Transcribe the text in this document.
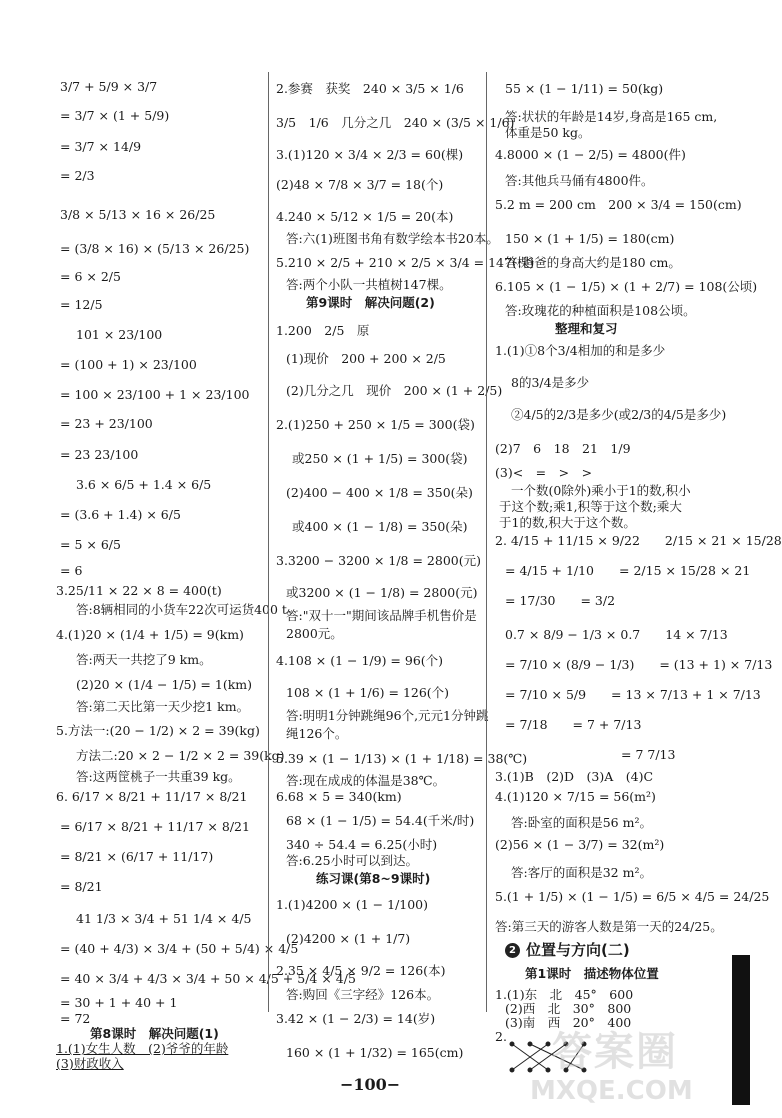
3/7 + 5/9 × 3/7
= 3/7 × (1 + 5/9)
= 3/7 × 14/9
= 2/3
3/8 × 5/13 × 16 × 26/25
= (3/8 × 16) × (5/13 × 26/25)
= 6 × 2/5
= 12/5
101 × 23/100
= (100 + 1) × 23/100
= 100 × 23/100 + 1 × 23/100
= 23 + 23/100
= 23 23/100
3.6 × 6/5 + 1.4 × 6/5
= (3.6 + 1.4) × 6/5
= 5 × 6/5
= 6
3.25/11 × 22 × 8 = 400(t)
答:8辆相同的小货车22次可运货400 t。
4.(1)20 × (1/4 + 1/5) = 9(km)
答:两天一共挖了9 km。
(2)20 × (1/4 − 1/5) = 1(km)
答:第二天比第一天少挖1 km。
5.方法一:(20 − 1/2) × 2 = 39(kg)
方法二:20 × 2 − 1/2 × 2 = 39(kg)
答:这两筐桃子一共重39 kg。
6. 6/17 × 8/21 + 11/17 × 8/21
= 6/17 × 8/21 + 11/17 × 8/21
= 8/21 × (6/17 + 11/17)
= 8/21
41 1/3 × 3/4 + 51 1/4 × 4/5
= (40 + 4/3) × 3/4 + (50 + 5/4) × 4/5
= 40 × 3/4 + 4/3 × 3/4 + 50 × 4/5 + 5/4 × 4/5
= 30 + 1 + 40 + 1
= 72
第8课时　解决问题(1)
1.(1)女生人数　(2)爷爷的年龄
(3)财政收入
2.参赛　获奖　240 × 3/5 × 1/6
3/5　1/6　几分之几　240 × (3/5 × 1/6)
3.(1)120 × 3/4 × 2/3 = 60(棵)
(2)48 × 7/8 × 3/7 = 18(个)
4.240 × 5/12 × 1/5 = 20(本)
答:六(1)班图书角有数学绘本书20本。
5.210 × 2/5 + 210 × 2/5 × 3/4 = 147(棵)
答:两个小队一共植树147棵。
第9课时　解决问题(2)
1.200　2/5　原
(1)现价　200 + 200 × 2/5
(2)几分之几　现价　200 × (1 + 2/5)
2.(1)250 + 250 × 1/5 = 300(袋)
或250 × (1 + 1/5) = 300(袋)
(2)400 − 400 × 1/8 = 350(朵)
或400 × (1 − 1/8) = 350(朵)
3.3200 − 3200 × 1/8 = 2800(元)
或3200 × (1 − 1/8) = 2800(元)
答:"双十一"期间该品牌手机售价是
2800元。
4.108 × (1 − 1/9) = 96(个)
108 × (1 + 1/6) = 126(个)
答:明明1分钟跳绳96个,元元1分钟跳
绳126个。
5.39 × (1 − 1/13) × (1 + 1/18) = 38(℃)
答:现在成成的体温是38℃。
6.68 × 5 = 340(km)
68 × (1 − 1/5) = 54.4(千米/时)
340 ÷ 54.4 = 6.25(小时)
答:6.25小时可以到达。
练习课(第8~9课时)
1.(1)4200 × (1 − 1/100)
(2)4200 × (1 + 1/7)
2.35 × 4/5 × 9/2 = 126(本)
答:购回《三字经》126本。
3.42 × (1 − 2/3) = 14(岁)
160 × (1 + 1/32) = 165(cm)
55 × (1 − 1/11) = 50(kg)
答:状状的年龄是14岁,身高是165 cm,
体重是50 kg。
4.8000 × (1 − 2/5) = 4800(件)
答:其他兵马俑有4800件。
5.2 m = 200 cm　200 × 3/4 = 150(cm)
150 × (1 + 1/5) = 180(cm)
答:爸爸的身高大约是180 cm。
6.105 × (1 − 1/5) × (1 + 2/7) = 108(公顷)
答:玫瑰花的种植面积是108公顷。
整理和复习
1.(1)①8个3/4相加的和是多少
8的3/4是多少
②4/5的2/3是多少(或2/3的4/5是多少)
(2)7　6　18　21　1/9
(3)<　=　>　>
一个数(0除外)乘小于1的数,积小
于这个数;乘1,积等于这个数;乘大
于1的数,积大于这个数。
2. 4/15 + 11/15 × 9/22　　2/15 × 21 × 15/28
= 4/15 + 1/10　　= 2/15 × 15/28 × 21
= 17/30　　= 3/2
0.7 × 8/9 − 1/3 × 0.7　　14 × 7/13
= 7/10 × (8/9 − 1/3)　　= (13 + 1) × 7/13
= 7/10 × 5/9　　= 13 × 7/13 + 1 × 7/13
= 7/18　　= 7 + 7/13
= 7 7/13
3.(1)B　(2)D　(3)A　(4)C
4.(1)120 × 7/15 = 56(m²)
答:卧室的面积是56 m²。
(2)56 × (1 − 3/7) = 32(m²)
答:客厅的面积是32 m²。
5.(1 + 1/5) × (1 − 1/5) = 6/5 × 4/5 = 24/25
答:第三天的游客人数是第一天的24/25。
2 位置与方向(二)
第1课时　描述物体位置
1.(1)东　北　45°　600
(2)西　北　30°　800
(3)南　西　20°　400
2. 答案圈
MXQE.COM
−100−
